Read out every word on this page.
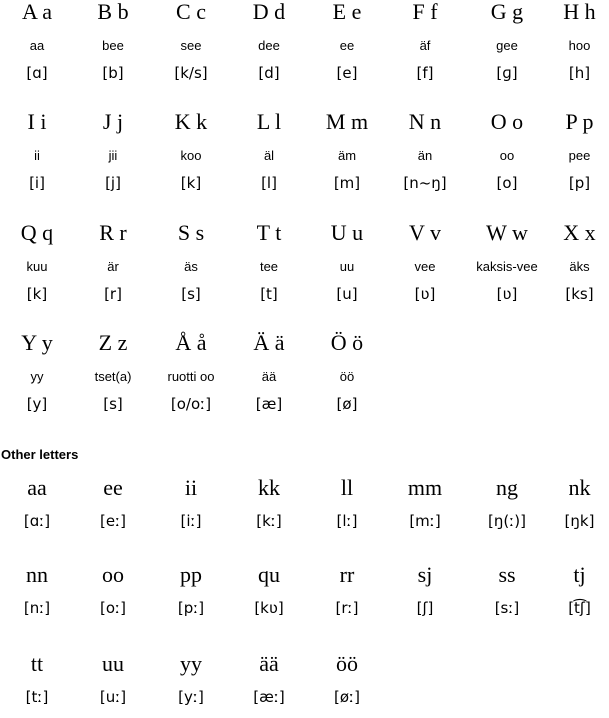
A a
aa
[ɑ]
B b
bee
[b]
C c
see
[k/s]
D d
dee
[d]
E e
ee
[e]
F f
äf
[f]
G g
gee
[ɡ]
H h
hoo
[h]
I i
ii
[i]
J j
jii
[j]
K k
koo
[k]
L l
äl
[l]
M m
äm
[m]
N n
än
[n~ŋ]
O o
oo
[o]
P p
pee
[p]
Q q
kuu
[k]
R r
är
[r]
S s
äs
[s]
T t
tee
[t]
U u
uu
[u]
V v
vee
[ʋ]
W w
kaksis-vee
[ʋ]
X x
äks
[ks]
Y y
yy
[y]
Z z
tset(a)
[s]
Å å
ruotti oo
[o/oː]
Ä ä
ää
[æ]
Ö ö
öö
[ø]
Other letters
aa
[ɑː]
ee
[eː]
ii
[iː]
kk
[kː]
ll
[lː]
mm
[mː]
ng
[ŋ(ː)]
nk
[ŋk]
nn
[nː]
oo
[oː]
pp
[pː]
qu
[kʋ]
rr
[rː]
sj
[ʃ]
ss
[sː]
tj
[t͡ʃ]
tt
[tː]
uu
[uː]
yy
[yː]
ää
[æː]
öö
[øː]
